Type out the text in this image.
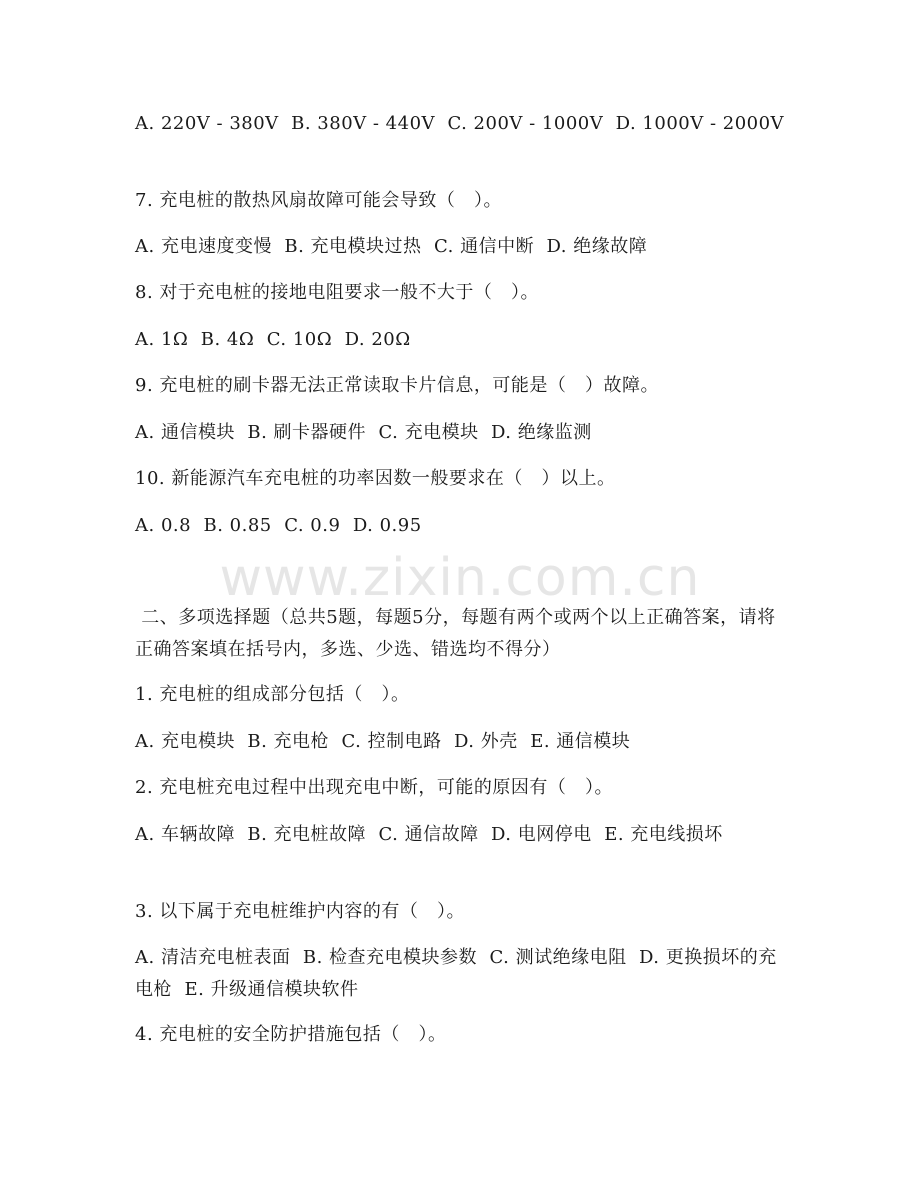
www.zixin.com.cn
A. 220V - 380V  B. 380V - 440V  C. 200V - 1000V  D. 1000V - 2000V
7. 充电桩的散热风扇故障可能会导致（   ）。
A. 充电速度变慢  B. 充电模块过热  C. 通信中断  D. 绝缘故障
8. 对于充电桩的接地电阻要求一般不大于（   ）。
A. 1Ω  B. 4Ω  C. 10Ω  D. 20Ω
9. 充电桩的刷卡器无法正常读取卡片信息，可能是（   ）故障。
A. 通信模块  B. 刷卡器硬件  C. 充电模块  D. 绝缘监测
10. 新能源汽车充电桩的功率因数一般要求在（   ）以上。
A. 0.8  B. 0.85  C. 0.9  D. 0.95
二、多项选择题（总共5题，每题5分，每题有两个或两个以上正确答案，请将正确答案填在括号内，多选、少选、错选均不得分）
1. 充电桩的组成部分包括（   ）。
A. 充电模块  B. 充电枪  C. 控制电路  D. 外壳  E. 通信模块
2. 充电桩充电过程中出现充电中断，可能的原因有（   ）。
A. 车辆故障  B. 充电桩故障  C. 通信故障  D. 电网停电  E. 充电线损坏
3. 以下属于充电桩维护内容的有（   ）。
A. 清洁充电桩表面  B. 检查充电模块参数  C. 测试绝缘电阻  D. 更换损坏的充电枪  E. 升级通信模块软件
4. 充电桩的安全防护措施包括（   ）。
